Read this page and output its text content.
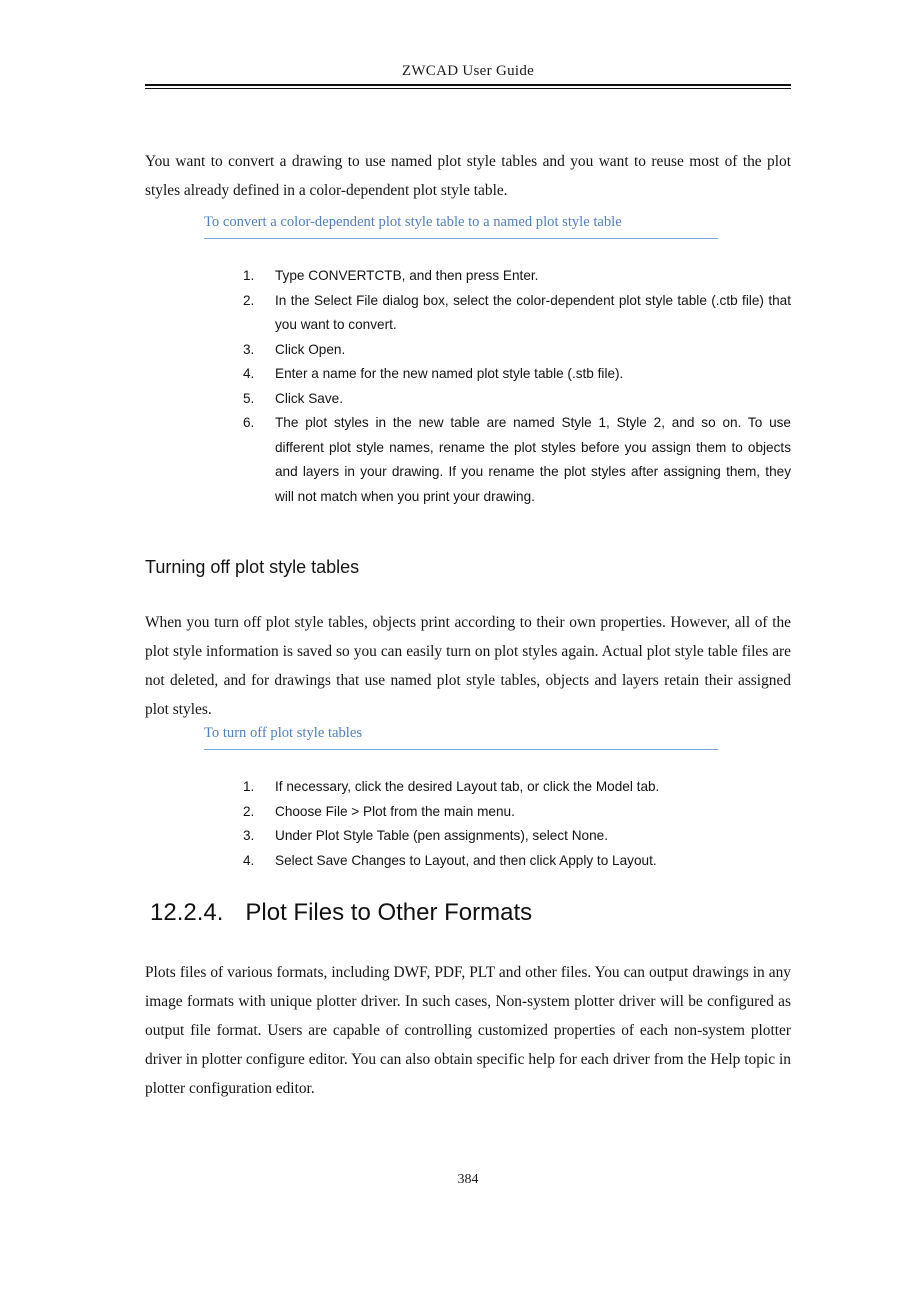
ZWCAD User Guide
You want to convert a drawing to use named plot style tables and you want to reuse most of the plot styles already defined in a color-dependent plot style table.
To convert a color-dependent plot style table to a named plot style table
1.	Type CONVERTCTB, and then press Enter.
2.	In the Select File dialog box, select the color-dependent plot style table (.ctb file) that you want to convert.
3.	Click Open.
4.	Enter a name for the new named plot style table (.stb file).
5.	Click Save.
6.	The plot styles in the new table are named Style 1, Style 2, and so on. To use different plot style names, rename the plot styles before you assign them to objects and layers in your drawing. If you rename the plot styles after assigning them, they will not match when you print your drawing.
Turning off plot style tables
When you turn off plot style tables, objects print according to their own properties. However, all of the plot style information is saved so you can easily turn on plot styles again. Actual plot style table files are not deleted, and for drawings that use named plot style tables, objects and layers retain their assigned plot styles.
To turn off plot style tables
1.	If necessary, click the desired Layout tab, or click the Model tab.
2.	Choose File > Plot from the main menu.
3.	Under Plot Style Table (pen assignments), select None.
4.	Select Save Changes to Layout, and then click Apply to Layout.
12.2.4. Plot Files to Other Formats
Plots files of various formats, including DWF, PDF, PLT and other files. You can output drawings in any image formats with unique plotter driver. In such cases, Non-system plotter driver will be configured as output file format. Users are capable of controlling customized properties of each non-system plotter driver in plotter configure editor. You can also obtain specific help for each driver from the Help topic in plotter configuration editor.
384
